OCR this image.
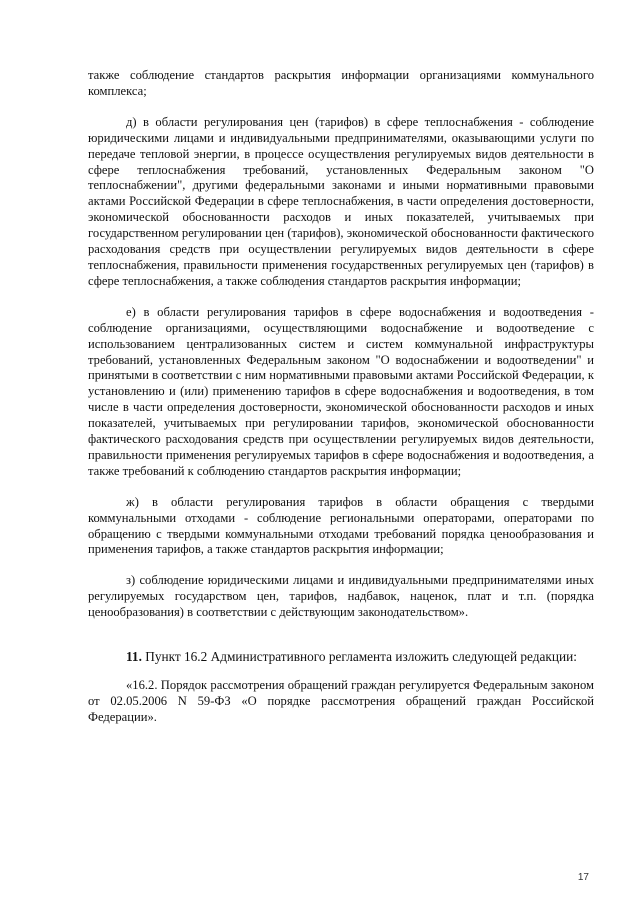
также соблюдение стандартов раскрытия информации организациями коммунального комплекса;

д) в области регулирования цен (тарифов) в сфере теплоснабжения - соблюдение юридическими лицами и индивидуальными предпринимателями, оказывающими услуги по передаче тепловой энергии, в процессе осуществления регулируемых видов деятельности в сфере теплоснабжения требований, установленных Федеральным законом "О теплоснабжении", другими федеральными законами и иными нормативными правовыми актами Российской Федерации в сфере теплоснабжения, в части определения достоверности, экономической обоснованности расходов и иных показателей, учитываемых при государственном регулировании цен (тарифов), экономической обоснованности фактического расходования средств при осуществлении регулируемых видов деятельности в сфере теплоснабжения, правильности применения государственных регулируемых цен (тарифов) в сфере теплоснабжения, а также соблюдения стандартов раскрытия информации;

е) в области регулирования тарифов в сфере водоснабжения и водоотведения - соблюдение организациями, осуществляющими водоснабжение и водоотведение с использованием централизованных систем и систем коммунальной инфраструктуры требований, установленных Федеральным законом "О водоснабжении и водоотведении" и принятыми в соответствии с ним нормативными правовыми актами Российской Федерации, к установлению и (или) применению тарифов в сфере водоснабжения и водоотведения, в том числе в части определения достоверности, экономической обоснованности расходов и иных показателей, учитываемых при регулировании тарифов, экономической обоснованности фактического расходования средств при осуществлении регулируемых видов деятельности, правильности применения регулируемых тарифов в сфере водоснабжения и водоотведения, а также требований к соблюдению стандартов раскрытия информации;

ж) в области регулирования тарифов в области обращения с твердыми коммунальными отходами - соблюдение региональными операторами, операторами по обращению с твердыми коммунальными отходами требований порядка ценообразования и применения тарифов, а также стандартов раскрытия информации;

з) соблюдение юридическими лицами и индивидуальными предпринимателями иных регулируемых государством цен, тарифов, надбавок, наценок, плат и т.п. (порядка ценообразования) в соответствии с действующим законодательством».

11. Пункт 16.2 Административного регламента изложить следующей редакции:

«16.2. Порядок рассмотрения обращений граждан регулируется Федеральным законом от 02.05.2006 N 59-ФЗ «О порядке рассмотрения обращений граждан Российской Федерации».

17
